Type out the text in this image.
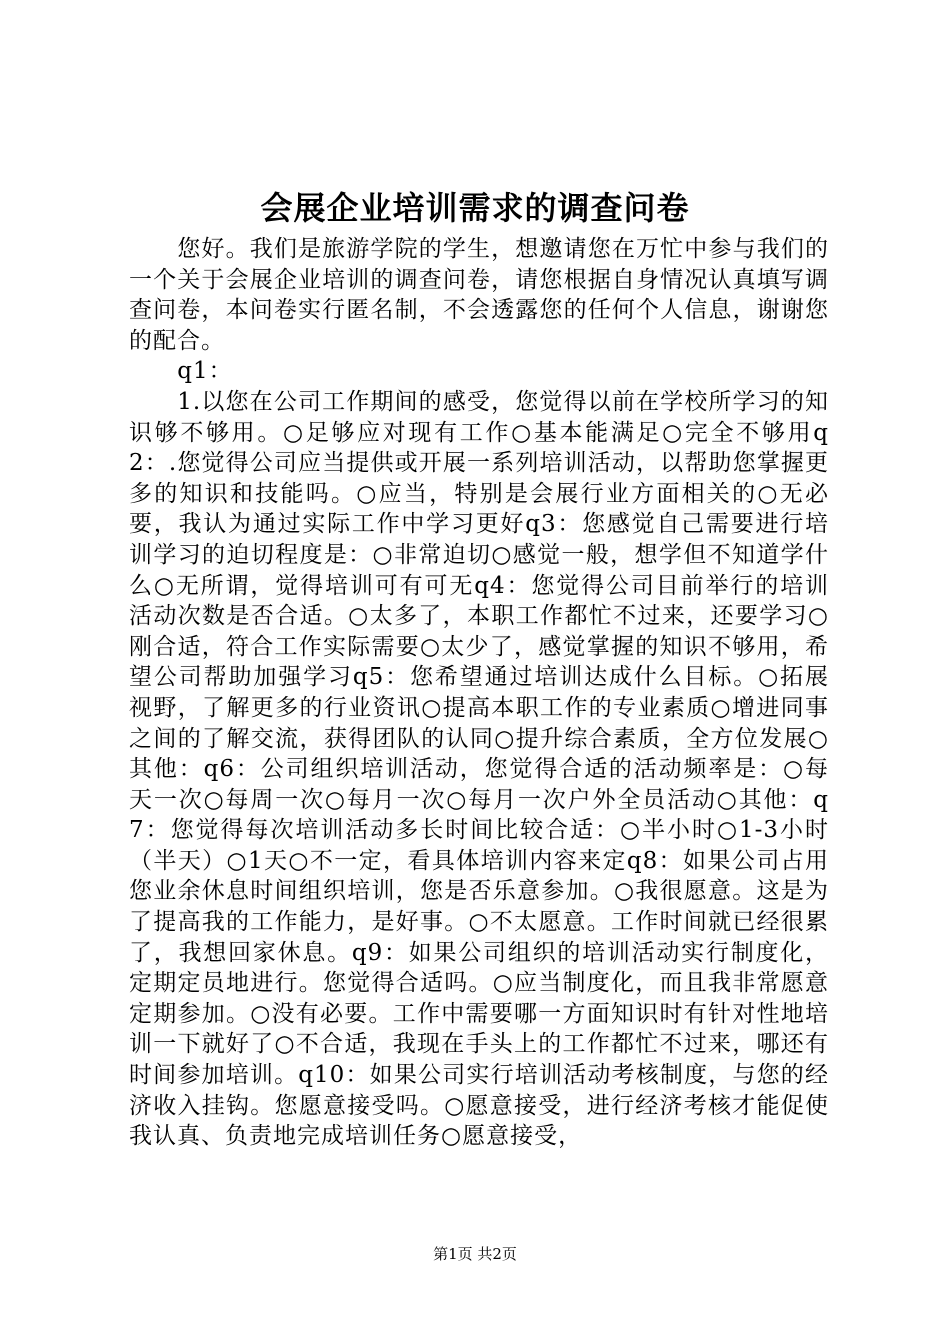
会展企业培训需求的调查问卷

您好。我们是旅游学院的学生，想邀请您在万忙中参与我们的一个关于会展企业培训的调查问卷，请您根据自身情况认真填写调查问卷，本问卷实行匿名制，不会透露您的任何个人信息，谢谢您的配合。

q1：

1.以您在公司工作期间的感受，您觉得以前在学校所学习的知识够不够用。○足够应对现有工作○基本能满足○完全不够用q2：.您觉得公司应当提供或开展一系列培训活动，以帮助您掌握更多的知识和技能吗。○应当，特别是会展行业方面相关的○无必要，我认为通过实际工作中学习更好q3：您感觉自己需要进行培训学习的迫切程度是：○非常迫切○感觉一般，想学但不知道学什么○无所谓，觉得培训可有可无q4：您觉得公司目前举行的培训活动次数是否合适。○太多了，本职工作都忙不过来，还要学习○刚合适，符合工作实际需要○太少了，感觉掌握的知识不够用，希望公司帮助加强学习q5：您希望通过培训达成什么目标。○拓展视野，了解更多的行业资讯○提高本职工作的专业素质○增进同事之间的了解交流，获得团队的认同○提升综合素质，全方位发展○其他：q6：公司组织培训活动，您觉得合适的活动频率是：○每天一次○每周一次○每月一次○每月一次户外全员活动○其他：q7：您觉得每次培训活动多长时间比较合适：○半小时○1-3小时（半天）○1天○不一定，看具体培训内容来定q8：如果公司占用您业余休息时间组织培训，您是否乐意参加。○我很愿意。这是为了提高我的工作能力，是好事。○不太愿意。工作时间就已经很累了，我想回家休息。q9：如果公司组织的培训活动实行制度化，定期定员地进行。您觉得合适吗。○应当制度化，而且我非常愿意定期参加。○没有必要。工作中需要哪一方面知识时有针对性地培训一下就好了○不合适，我现在手头上的工作都忙不过来，哪还有时间参加培训。q10：如果公司实行培训活动考核制度，与您的经济收入挂钩。您愿意接受吗。○愿意接受，进行经济考核才能促使我认真、负责地完成培训任务○愿意接受，

第1页 共2页
